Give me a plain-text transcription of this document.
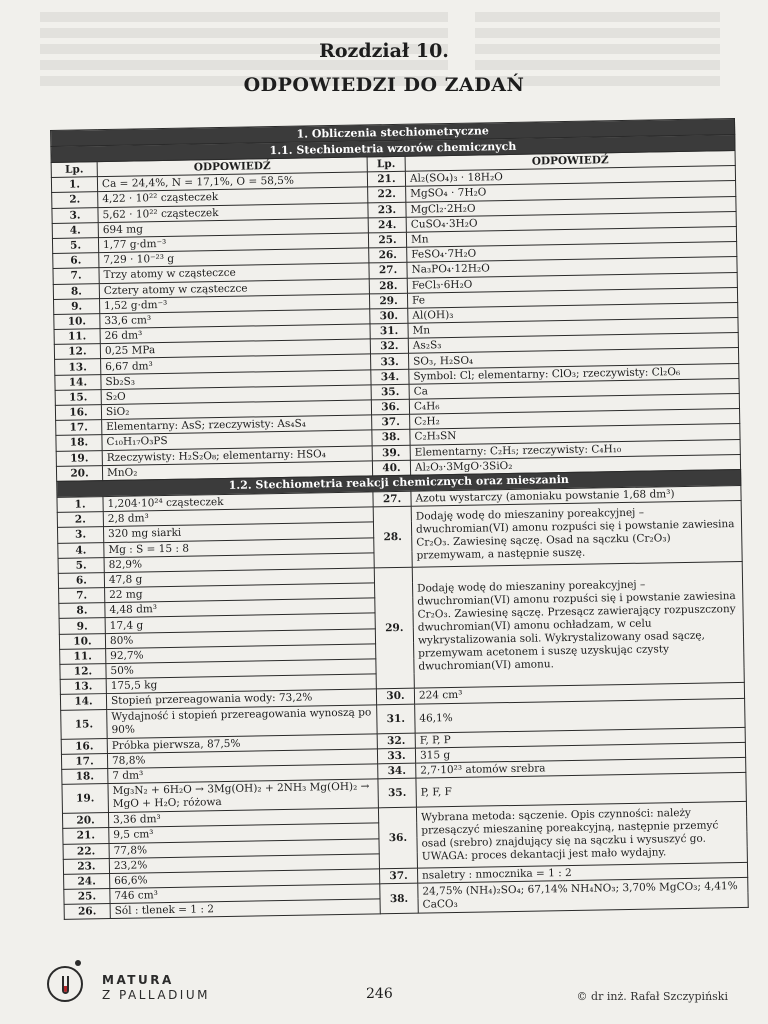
Rozdział 10.

ODPOWIEDZI DO ZADAŃ

1. Obliczenia stechiometryczne			
1.1. Stechiometria wzorów chemicznych			
Lp.	ODPOWIEDŹ	Lp.	ODPOWIEDŹ
1.	Ca = 24,4%, N = 17,1%, O = 58,5%	21.	Al₂(SO₄)₃ · 18H₂O
2.	4,22 · 10²² cząsteczek	22.	MgSO₄ · 7H₂O
3.	5,62 · 10²² cząsteczek	23.	MgCl₂·2H₂O
4.	694 mg	24.	CuSO₄·3H₂O
5.	1,77 g·dm⁻³	25.	Mn
6.	7,29 · 10⁻²³ g	26.	FeSO₄·7H₂O
7.	Trzy atomy w cząsteczce	27.	Na₃PO₄·12H₂O
8.	Cztery atomy w cząsteczce	28.	FeCl₃·6H₂O
9.	1,52 g·dm⁻³	29.	Fe
10.	33,6 cm³	30.	Al(OH)₃
11.	26 dm³	31.	Mn
12.	0,25 MPa	32.	As₂S₃
13.	6,67 dm³	33.	SO₃, H₂SO₄
14.	Sb₂S₃	34.	Symbol: Cl; elementarny: ClO₃; rzeczywisty: Cl₂O₆
15.	S₂O	35.	Ca
16.	SiO₂	36.	C₄H₆
17.	Elementarny: AsS; rzeczywisty: As₄S₄	37.	C₂H₂
18.	C₁₀H₁₇O₃PS	38.	C₂H₃SN
19.	Rzeczywisty: H₂S₂O₈; elementarny: HSO₄	39.	Elementarny: C₂H₅; rzeczywisty: C₄H₁₀
20.	MnO₂	40.	Al₂O₃·3MgO·3SiO₂
1.2. Stechiometria reakcji chemicznych oraz mieszanin			
1.	1,204·10²⁴ cząsteczek	27.	Azotu wystarczy (amoniaku powstanie 1,68 dm³)
2.	2,8 dm³	28.	Dodaję wodę do mieszaniny poreakcyjnej – dwuchromian(VI) amonu rozpuści się i powstanie zawiesina Cr₂O₃. Zawiesinę sączę. Osad na sączku (Cr₂O₃) przemywam, a następnie suszę.
3.	320 mg siarki		
4.	Mg : S = 15 : 8		
5.	82,9%		
6.	47,8 g	29.	Dodaję wodę do mieszaniny poreakcyjnej – dwuchromian(VI) amonu rozpuści się i powstanie zawiesina Cr₂O₃. Zawiesinę sączę. Przesącz zawierający rozpuszczony dwuchromian(VI) amonu ochładzam, w celu wykrystalizowania soli. Wykrystalizowany osad sączę, przemywam acetonem i suszę uzyskując czysty dwuchromian(VI) amonu.
7.	22 mg		
8.	4,48 dm³		
9.	17,4 g		
10.	80%		
11.	92,7%		
12.	50%		
13.	175,5 kg		
14.	Stopień przereagowania wody: 73,2%	30.	224 cm³
15.	Wydajność i stopień przereagowania wynoszą po 90%	31.	46,1%
16.	Próbka pierwsza, 87,5%	32.	F, P, P
17.	78,8%	33.	315 g
18.	7 dm³	34.	2,7·10²³ atomów srebra
19.	Mg₃N₂ + 6H₂O → 3Mg(OH)₂ + 2NH₃ Mg(OH)₂ → MgO + H₂O; różowa	35.	P, F, F
20.	3,36 dm³	36.	Wybrana metoda: sączenie. Opis czynności: należy przesączyć mieszaninę poreakcyjną, następnie przemyć osad (srebro) znajdujący się na sączku i wysuszyć go. UWAGA: proces dekantacji jest mało wydajny.
21.	9,5 cm³		
22.	77,8%		
23.	23,2%		
24.	66,6%	37.	nsaletry : nmocznika = 1 : 2
25.	746 cm³	38.	24,75% (NH₄)₂SO₄; 67,14% NH₄NO₃; 3,70% MgCO₃; 4,41% CaCO₃
26.	Sól : tlenek = 1 : 2		
MATURA
Z PALLADIUM	246	© dr inż. Rafał Szczypiński
